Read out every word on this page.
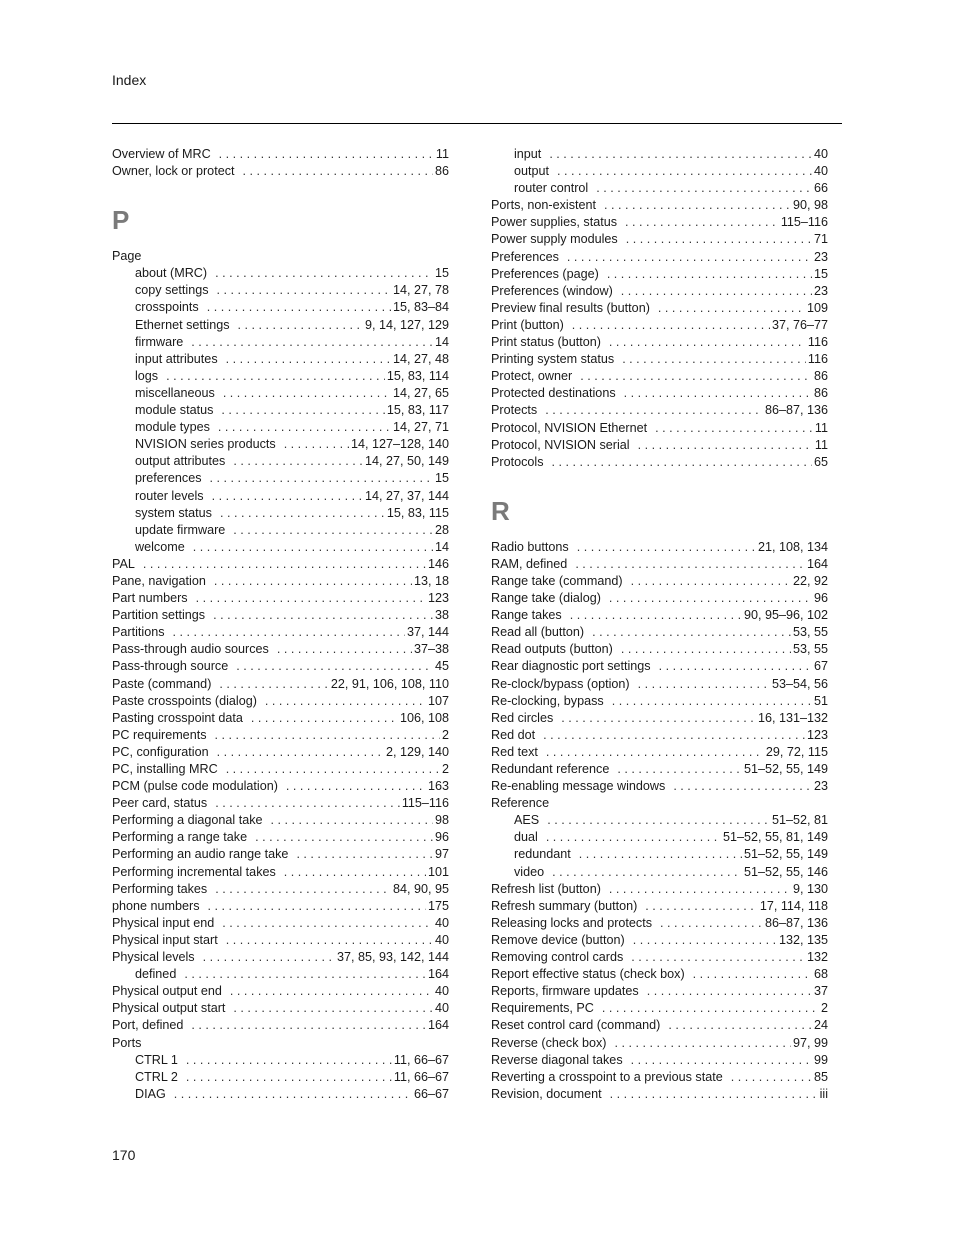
Index
Overview of MRC . . .	11
Owner, lock or protect . . .	86
P
Page
about (MRC) . . .	15
copy settings . . .	14, 27, 78
crosspoints . . .	15, 83–84
Ethernet settings . . .	9, 14, 127, 129
firmware . . .	14
input attributes . . .	14, 27, 48
logs . . .	15, 83, 114
miscellaneous . . .	14, 27, 65
module status . . .	15, 83, 117
module types . . .	14, 27, 71
NVISION series products . . .	14, 127–128, 140
output attributes . . .	14, 27, 50, 149
preferences . . .	15
router levels . . .	14, 27, 37, 144
system status . . .	15, 83, 115
update firmware . . .	28
welcome . . .	14
PAL . . .	146
Pane, navigation . . .	13, 18
Part numbers . . .	123
Partition settings . . .	38
Partitions . . .	37, 144
Pass-through audio sources . . .	37–38
Pass-through source . . .	45
Paste (command) . . .	22, 91, 106, 108, 110
Paste crosspoints (dialog) . . .	107
Pasting crosspoint data . . .	106, 108
PC requirements . . .	2
PC, configuration . . .	2, 129, 140
PC, installing MRC . . .	2
PCM (pulse code modulation) . . .	163
Peer card, status . . .	115–116
Performing a diagonal take . . .	98
Performing a range take . . .	96
Performing an audio range take . . .	97
Performing incremental takes . . .	101
Performing takes . . .	84, 90, 95
phone numbers . . .	175
Physical input end . . .	40
Physical input start . . .	40
Physical levels . . .	37, 85, 93, 142, 144
defined . . .	164
Physical output end . . .	40
Physical output start . . .	40
Port, defined . . .	164
Ports
CTRL 1 . . .	11, 66–67
CTRL 2 . . .	11, 66–67
DIAG . . .	66–67
input . . .	40
output . . .	40
router control . . .	66
Ports, non-existent . . .	90, 98
Power supplies, status . . .	115–116
Power supply modules . . .	71
Preferences . . .	23
Preferences (page) . . .	15
Preferences (window) . . .	23
Preview final results (button) . . .	109
Print (button) . . .	37, 76–77
Print status (button) . . .	116
Printing system status . . .	116
Protect, owner . . .	86
Protected destinations . . .	86
Protects . . .	86–87, 136
Protocol, NVISION Ethernet . . .	11
Protocol, NVISION serial . . .	11
Protocols . . .	65
R
Radio buttons . . .	21, 108, 134
RAM, defined . . .	164
Range take (command) . . .	22, 92
Range take (dialog) . . .	96
Range takes . . .	90, 95–96, 102
Read all (button) . . .	53, 55
Read outputs (button) . . .	53, 55
Rear diagnostic port settings . . .	67
Re-clock/bypass (option) . . .	53–54, 56
Re-clocking, bypass . . .	51
Red circles . . .	16, 131–132
Red dot . . .	123
Red text . . .	29, 72, 115
Redundant reference . . .	51–52, 55, 149
Re-enabling message windows . . .	23
Reference
AES . . .	51–52, 81
dual . . .	51–52, 55, 81, 149
redundant . . .	51–52, 55, 149
video . . .	51–52, 55, 146
Refresh list (button) . . .	9, 130
Refresh summary (button) . . .	17, 114, 118
Releasing locks and protects . . .	86–87, 136
Remove device (button) . . .	132, 135
Removing control cards . . .	132
Report effective status (check box) . . .	68
Reports, firmware updates . . .	37
Requirements, PC . . .	2
Reset control card (command) . . .	24
Reverse (check box) . . .	97, 99
Reverse diagonal takes . . .	99
Reverting a crosspoint to a previous state . . .	85
Revision, document . . .	iii
170
